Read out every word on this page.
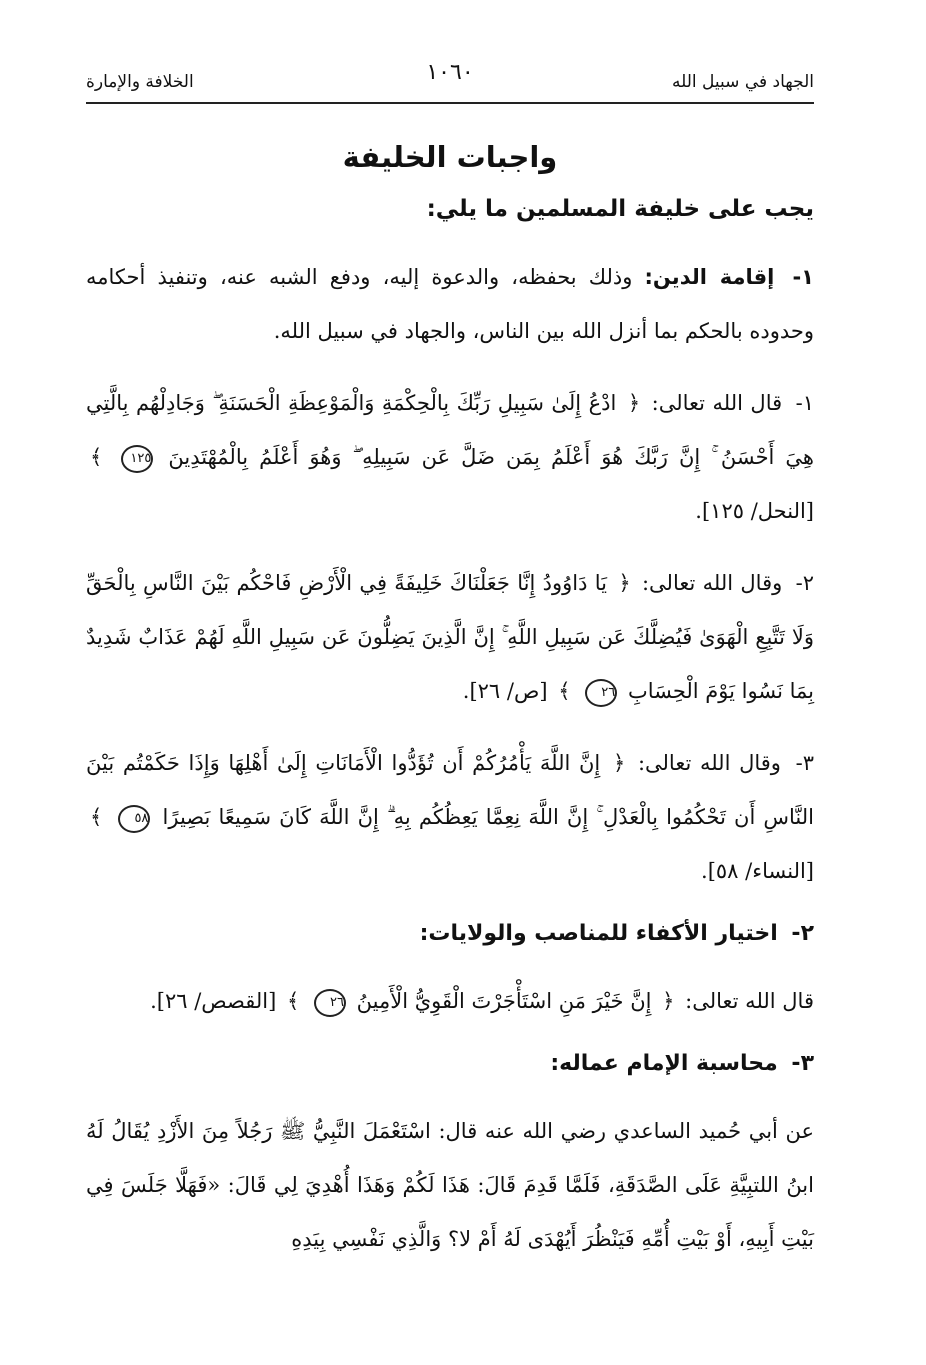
الجهاد في سبيل الله
١٠٦٠
الخلافة والإمارة
واجبات الخليفة

يجب على خليفة المسلمين ما يلي:

١- إقامة الدين: وذلك بحفظه، والدعوة إليه، ودفع الشبه عنه، وتنفيذ أحكامه وحدوده بالحكم بما أنزل الله بين الناس، والجهاد في سبيل الله.

١- قال الله تعالى: ﴿ ادْعُ إِلَىٰ سَبِيلِ رَبِّكَ بِالْحِكْمَةِ وَالْمَوْعِظَةِ الْحَسَنَةِ ۖ وَجَادِلْهُم بِالَّتِي هِيَ أَحْسَنُ ۚ إِنَّ رَبَّكَ هُوَ أَعْلَمُ بِمَن ضَلَّ عَن سَبِيلِهِ ۖ وَهُوَ أَعْلَمُ بِالْمُهْتَدِينَ ١٢٥ ﴾ [النحل/ ١٢٥].

٢- وقال الله تعالى: ﴿ يَا دَاوُودُ إِنَّا جَعَلْنَاكَ خَلِيفَةً فِي الْأَرْضِ فَاحْكُم بَيْنَ النَّاسِ بِالْحَقِّ وَلَا تَتَّبِعِ الْهَوَىٰ فَيُضِلَّكَ عَن سَبِيلِ اللَّهِ ۚ إِنَّ الَّذِينَ يَضِلُّونَ عَن سَبِيلِ اللَّهِ لَهُمْ عَذَابٌ شَدِيدٌ بِمَا نَسُوا يَوْمَ الْحِسَابِ ٢٦ ﴾ [ص/ ٢٦].

٣- وقال الله تعالى: ﴿ إِنَّ اللَّهَ يَأْمُرُكُمْ أَن تُؤَدُّوا الْأَمَانَاتِ إِلَىٰ أَهْلِهَا وَإِذَا حَكَمْتُم بَيْنَ النَّاسِ أَن تَحْكُمُوا بِالْعَدْلِ ۚ إِنَّ اللَّهَ نِعِمَّا يَعِظُكُم بِهِ ۗ إِنَّ اللَّهَ كَانَ سَمِيعًا بَصِيرًا ٥٨ ﴾ [النساء/ ٥٨].

٢- اختيار الأكفاء للمناصب والولايات:

قال الله تعالى: ﴿ إِنَّ خَيْرَ مَنِ اسْتَأْجَرْتَ الْقَوِيُّ الْأَمِينُ ٢٦ ﴾ [القصص/ ٢٦].

٣- محاسبة الإمام عماله:

عن أبي حُميد الساعدي رضي الله عنه قال: اسْتَعْمَلَ النَّبِيُّ ﷺ رَجُلاً مِنَ الأَزْدِ يُقَالُ لَهُ ابنُ اللتبِيَّةِ عَلَى الصَّدَقَةِ، فَلَمَّا قَدِمَ قَالَ: هَذَا لَكُمْ وَهَذَا أُهْدِيَ لِي قَالَ: «فَهَلَّا جَلَسَ فِي بَيْتِ أَبِيهِ، أَوْ بَيْتِ أُمِّهِ فَيَنْظُرَ أَيُهْدَى لَهُ أَمْ لا؟ وَالَّذِي نَفْسِي بِيَدِهِ
